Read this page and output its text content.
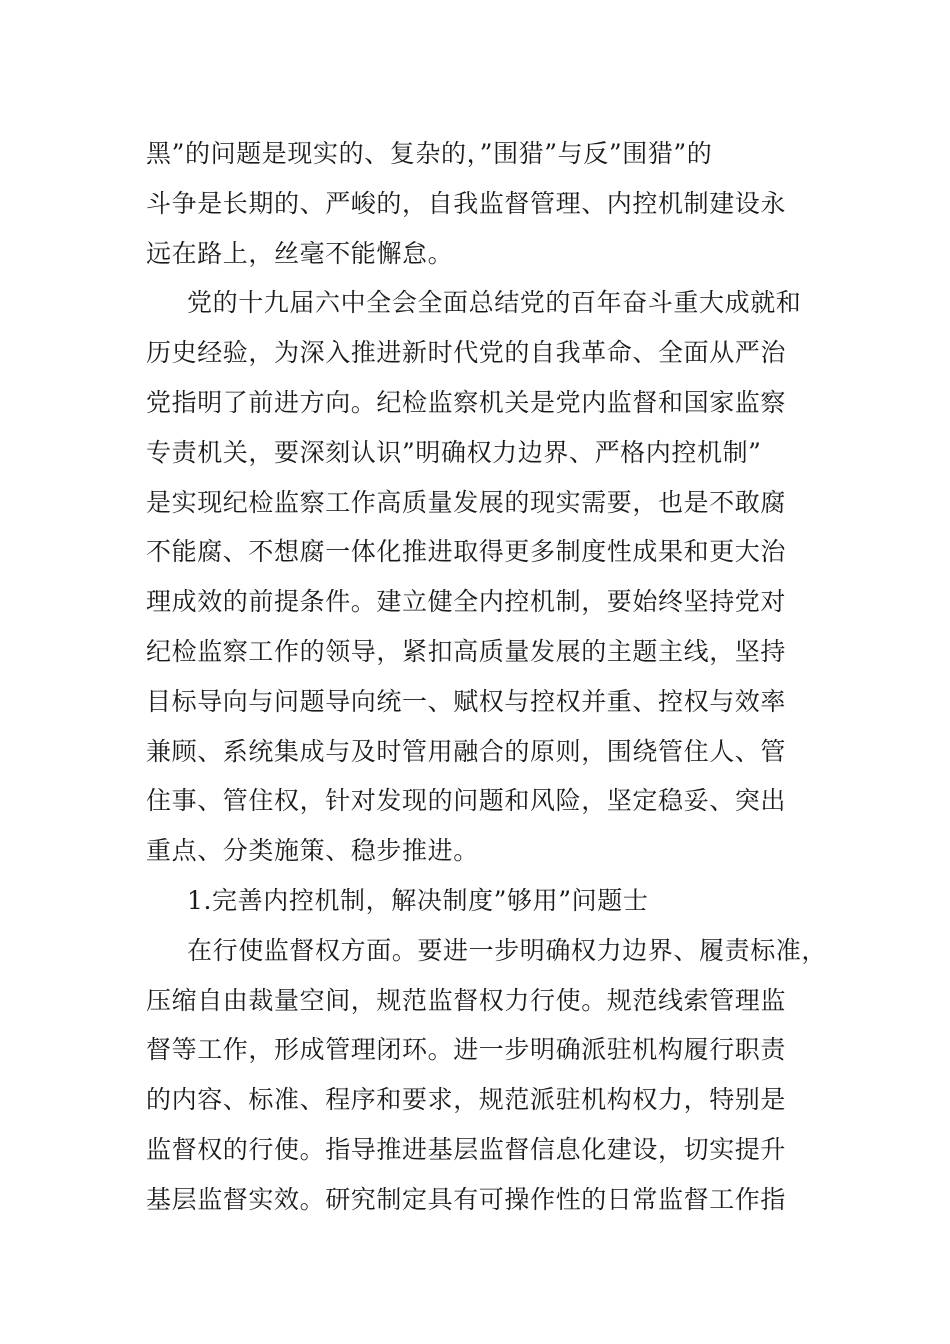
黑”的问题是现实的、复杂的，”围猎”与反”围猎”的
斗争是长期的、严峻的，自我监督管理、内控机制建设永
远在路上，丝毫不能懈怠。
党的十九届六中全会全面总结党的百年奋斗重大成就和
历史经验，为深入推进新时代党的自我革命、全面从严治
党指明了前进方向。纪检监察机关是党内监督和国家监察
专责机关，要深刻认识”明确权力边界、严格内控机制”
是实现纪检监察工作高质量发展的现实需要，也是不敢腐
不能腐、不想腐一体化推进取得更多制度性成果和更大治
理成效的前提条件。建立健全内控机制，要始终坚持党对
纪检监察工作的领导，紧扣高质量发展的主题主线，坚持
目标导向与问题导向统一、赋权与控权并重、控权与效率
兼顾、系统集成与及时管用融合的原则，围绕管住人、管
住事、管住权，针对发现的问题和风险，坚定稳妥、突出
重点、分类施策、稳步推进。
1.完善内控机制，解决制度”够用”问题士
在行使监督权方面。要进一步明确权力边界、履责标准，
压缩自由裁量空间，规范监督权力行使。规范线索管理监
督等工作，形成管理闭环。进一步明确派驻机构履行职责
的内容、标准、程序和要求，规范派驻机构权力，特别是
监督权的行使。指导推进基层监督信息化建设，切实提升
基层监督实效。研究制定具有可操作性的日常监督工作指
